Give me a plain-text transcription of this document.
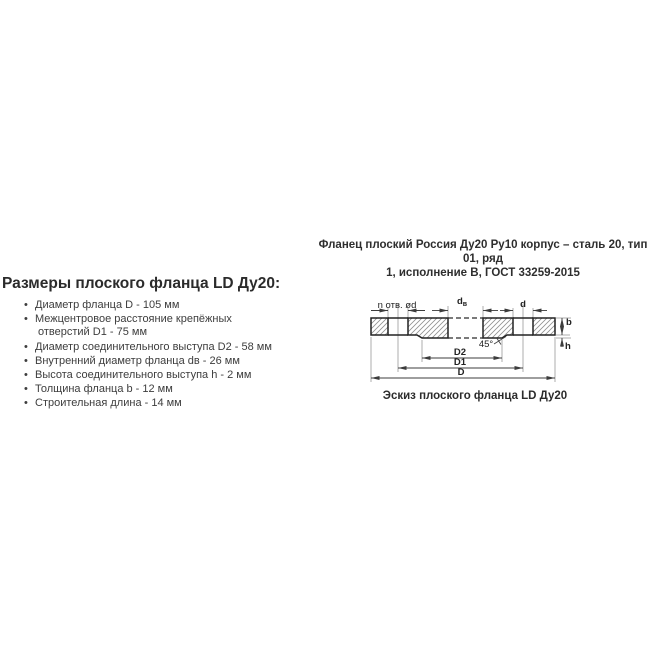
Фланец плоский Россия Ду20 Ру10 корпус – сталь 20, тип 01, ряд
1, исполнение В, ГОСТ 33259-2015
Размеры плоского фланца LD Ду20:
• Диаметр фланца D - 105 мм
• Межцентровое расстояние крепёжных
отверстий D1 - 75 мм
• Диаметр соединительного выступа D2 - 58 мм
• Внутренний диаметр фланца dв - 26 мм
• Высота соединительного выступа h - 2 мм
• Толщина фланца b - 12 мм
• Строительная длина - 14 мм
n отв. ød	$d_в$	d
b
h
D2
D1
D
45°
Эскиз плоского фланца LD Ду20
